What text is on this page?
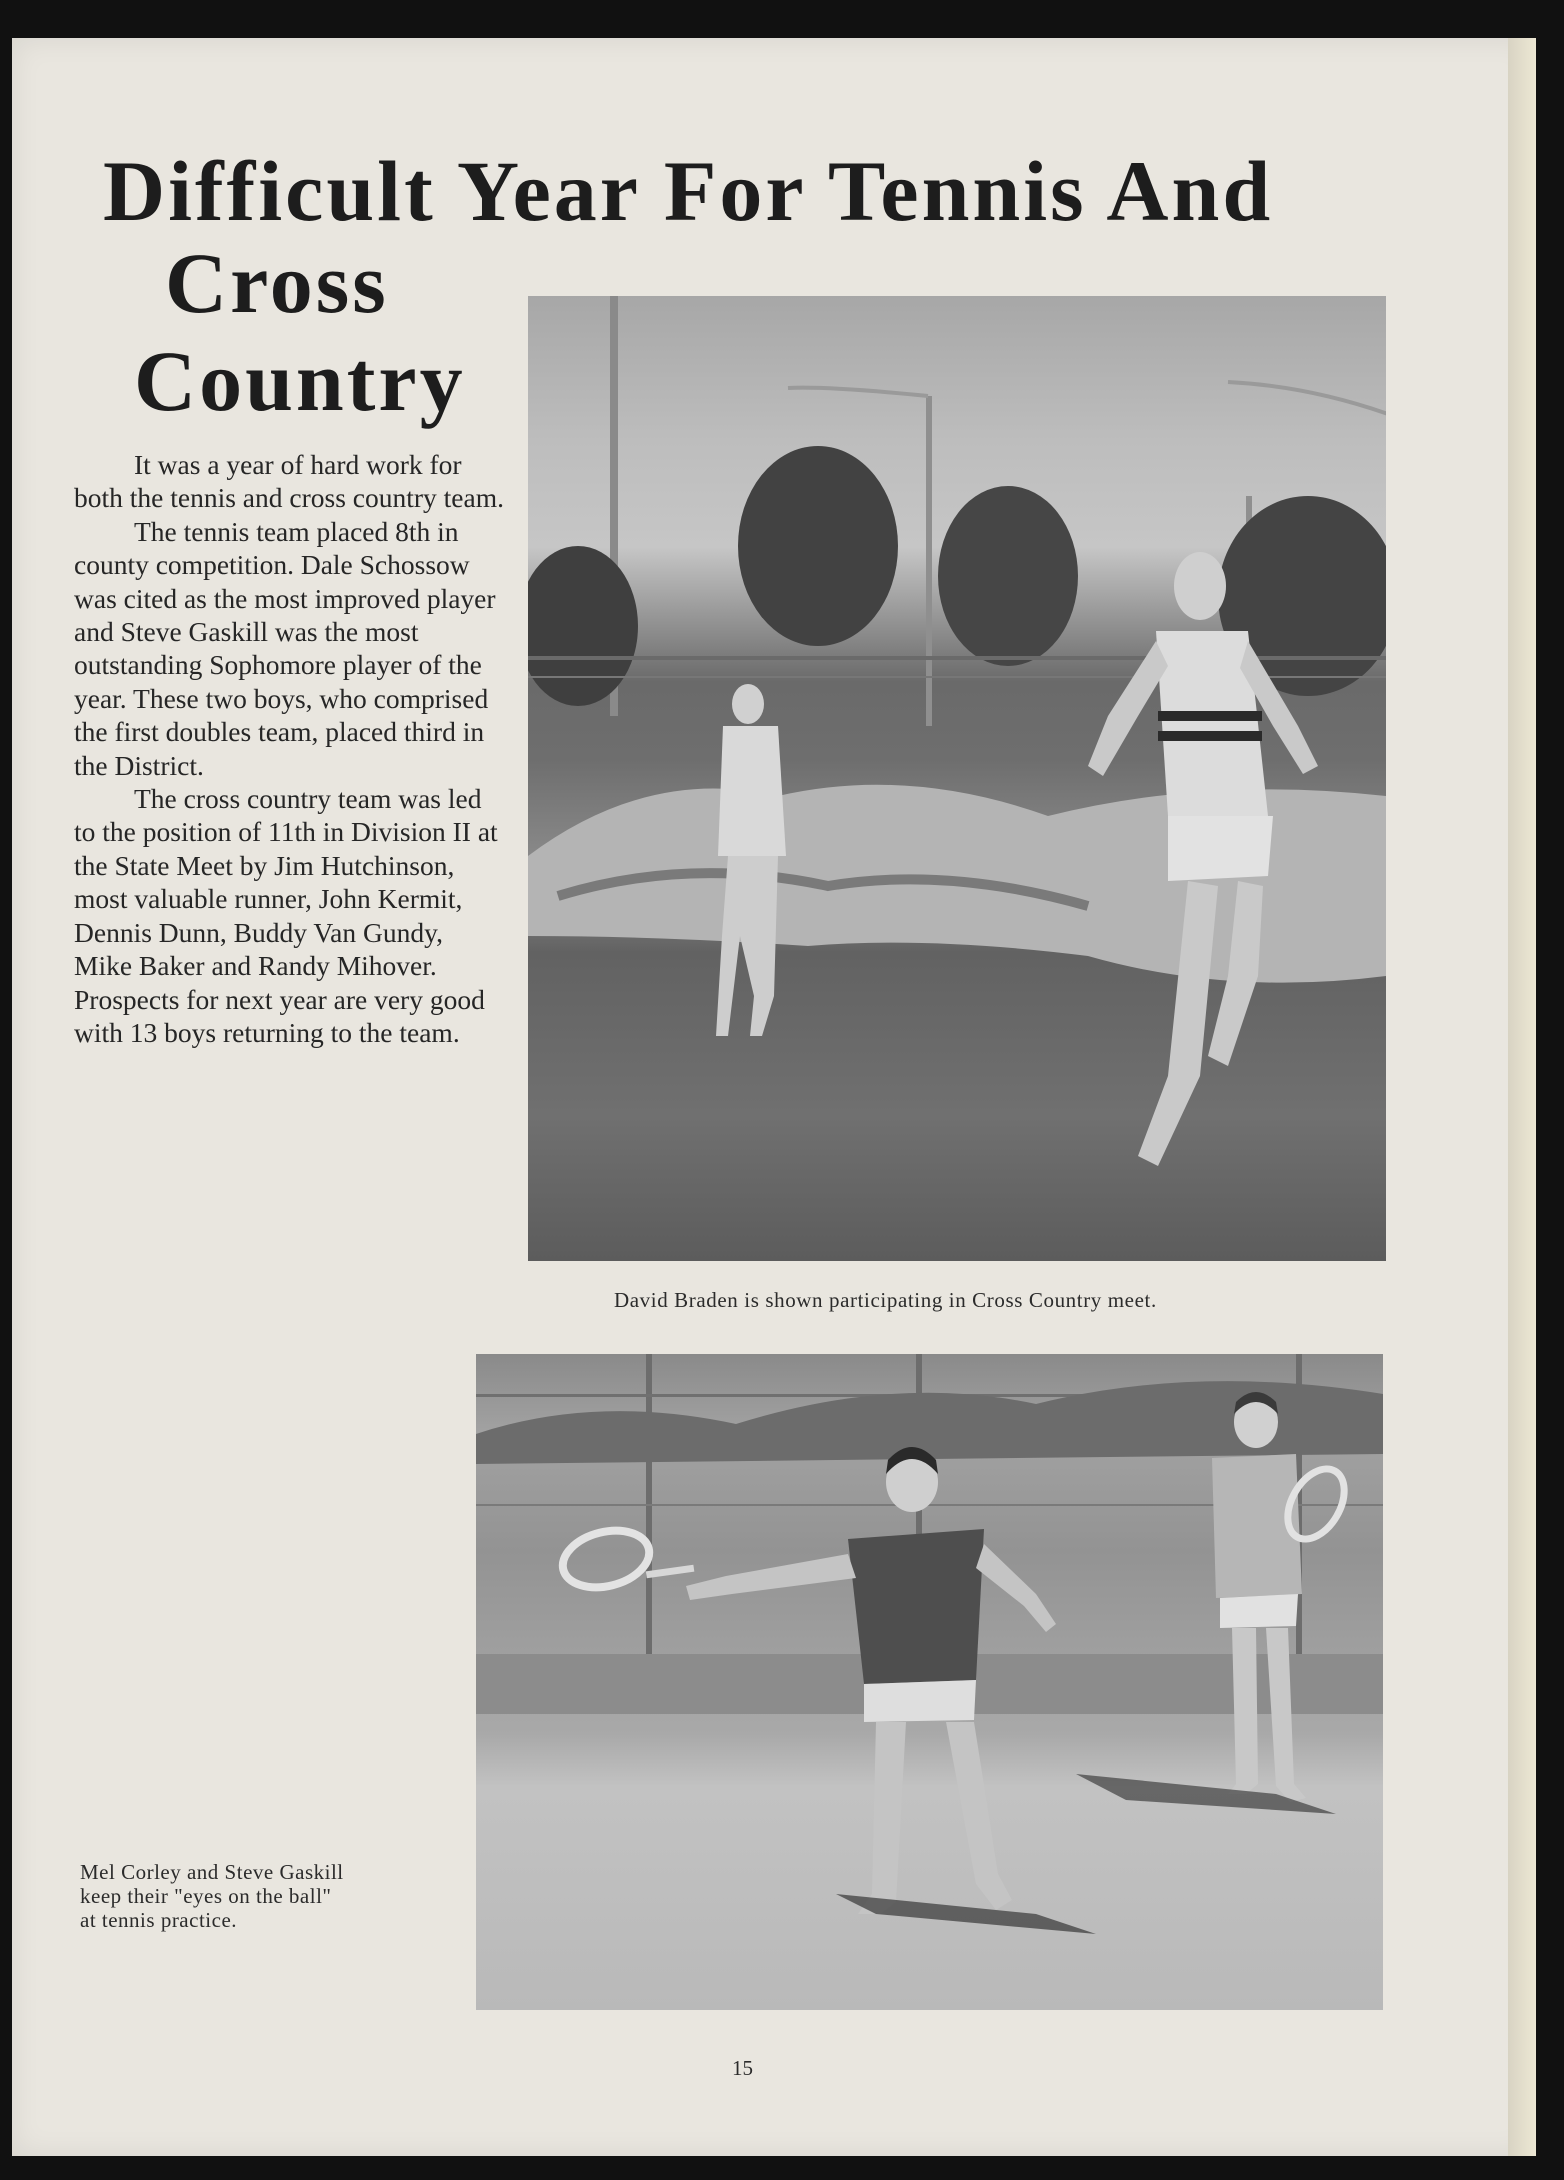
Difficult Year For Tennis And
Cross
Country

It was a year of hard work for both the tennis and cross country team.

The tennis team placed 8th in county competition. Dale Schossow was cited as the most improved player and Steve Gaskill was the most outstanding Sophomore player of the year. These two boys, who comprised the first doubles team, placed third in the District.

The cross country team was led to the position of 11th in Division II at the State Meet by Jim Hutchinson, most valuable runner, John Kermit, Dennis Dunn, Buddy Van Gundy, Mike Baker and Randy Mihover. Prospects for next year are very good with 13 boys returning to the team.

David Braden is shown participating in Cross Country meet.
Mel Corley and Steve Gaskill
keep their "eyes on the ball"
at tennis practice.
15
